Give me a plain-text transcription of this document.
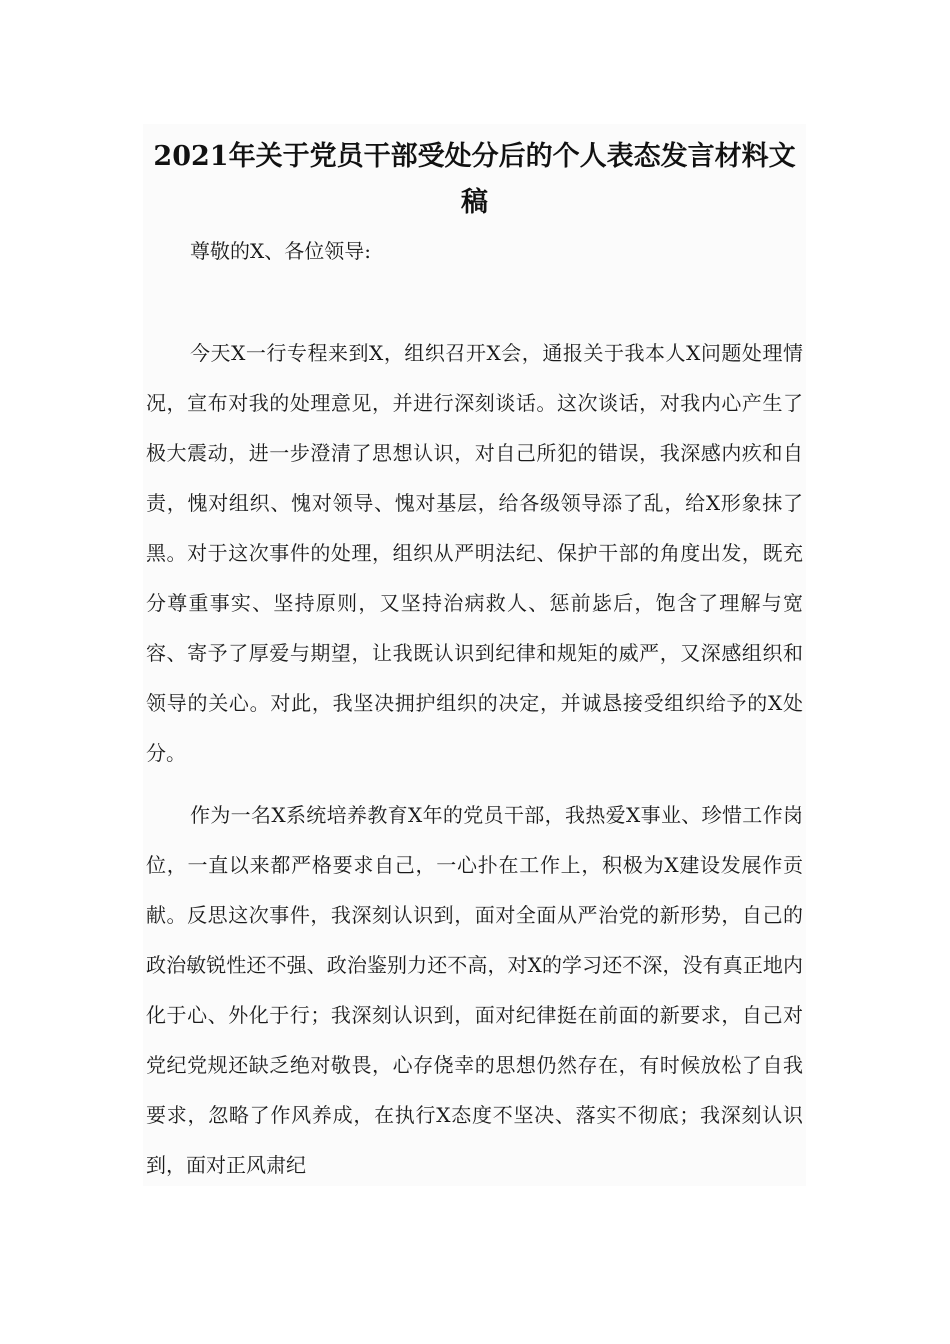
2021年关于党员干部受处分后的个人表态发言材料文稿

尊敬的X、各位领导:

今天X一行专程来到X，组织召开X会，通报关于我本人X问题处理情况，宣布对我的处理意见，并进行深刻谈话。这次谈话，对我内心产生了极大震动，进一步澄清了思想认识，对自己所犯的错误，我深感内疚和自责，愧对组织、愧对领导、愧对基层，给各级领导添了乱，给X形象抹了黑。对于这次事件的处理，组织从严明法纪、保护干部的角度出发，既充分尊重事实、坚持原则，又坚持治病救人、惩前毖后，饱含了理解与宽容、寄予了厚爱与期望，让我既认识到纪律和规矩的威严，又深感组织和领导的关心。对此，我坚决拥护组织的决定，并诚恳接受组织给予的X处分。

作为一名X系统培养教育X年的党员干部，我热爱X事业、珍惜工作岗位，一直以来都严格要求自己，一心扑在工作上，积极为X建设发展作贡献。反思这次事件，我深刻认识到，面对全面从严治党的新形势，自己的政治敏锐性还不强、政治鉴别力还不高，对X的学习还不深，没有真正地内化于心、外化于行；我深刻认识到，面对纪律挺在前面的新要求，自己对党纪党规还缺乏绝对敬畏，心存侥幸的思想仍然存在，有时候放松了自我要求，忽略了作风养成，在执行X态度不坚决、落实不彻底；我深刻认识到，面对正风肃纪
